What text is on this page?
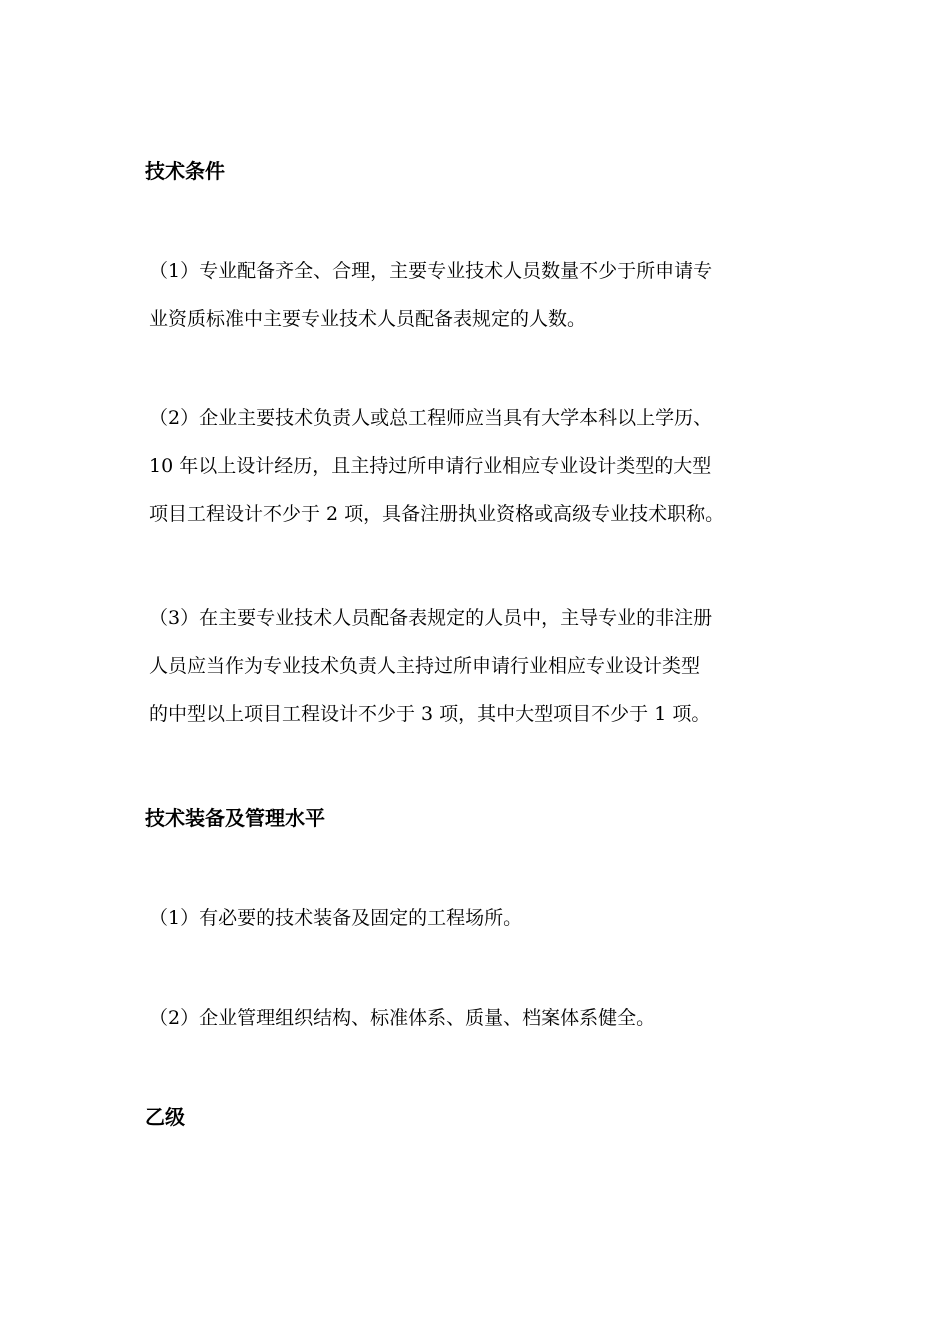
技术条件
（1）专业配备齐全、合理，主要专业技术人员数量不少于所申请专
业资质标准中主要专业技术人员配备表规定的人数。
（2）企业主要技术负责人或总工程师应当具有大学本科以上学历、
10 年以上设计经历，且主持过所申请行业相应专业设计类型的大型
项目工程设计不少于 2 项，具备注册执业资格或高级专业技术职称。
（3）在主要专业技术人员配备表规定的人员中，主导专业的非注册
人员应当作为专业技术负责人主持过所申请行业相应专业设计类型
的中型以上项目工程设计不少于 3 项，其中大型项目不少于 1 项。
技术装备及管理水平
（1）有必要的技术装备及固定的工程场所。
（2）企业管理组织结构、标准体系、质量、档案体系健全。
乙级
